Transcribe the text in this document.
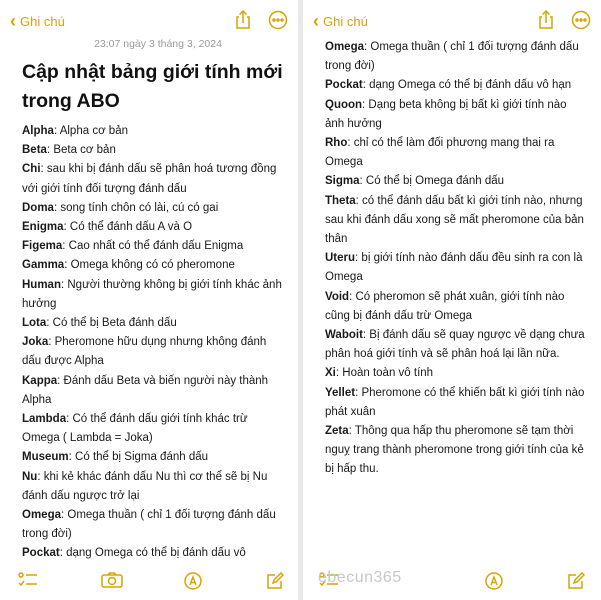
‹ Ghi chú
23:07 ngày 3 tháng 3, 2024
Cập nhật bảng giới tính mới trong ABO
Alpha: Alpha cơ bản
Beta: Beta cơ bản
Chi: sau khi bị đánh dấu sẽ phân hoá tương đồng với giới tính đối tượng đánh dấu
Doma: song tính chôn có lài, cú có gai
Enigma: Có thể đánh dấu A và O
Figema: Cao nhất có thể đánh dấu Enigma
Gamma: Omega không có có pheromone
Human: Người thường không bị giới tính khác ảnh hưởng
Lota: Có thể bị Beta đánh dấu
Joka: Pheromone hữu dụng nhưng không đánh dấu được Alpha
Kappa: Đánh dấu Beta và biến người này thành Alpha
Lambda: Có thể đánh dấu giới tính khác trừ Omega ( Lambda = Joka)
Museum: Có thể bị Sigma đánh dấu
Nu: khi kẻ khác đánh dấu Nu thì cơ thể sẽ bị Nu đánh dấu ngược trở lại
Omega: Omega thuần ( chỉ 1 đối tượng đánh dấu trong đời)
Pockat: dạng Omega có thể bị đánh dấu vô
‹ Ghi chú
Omega: Omega thuần ( chỉ 1 đối tượng đánh dấu trong đời)
Pockat: dạng Omega có thể bị đánh dấu vô hạn
Quoon: Dạng beta không bị bất kì giới tính nào ảnh hưởng
Rho: chỉ có thể làm đối phương mang thai ra Omega
Sigma: Có thể bị Omega đánh dấu
Theta: có thể đánh dấu bất kì giới tính nào, nhưng sau khi đánh dấu xong sẽ mất pheromone của bản thân
Uteru: bị giới tính nào đánh dấu đều sinh ra con là Omega
Void: Có pheromon sẽ phát xuân, giới tính nào cũng bị đánh dấu trừ Omega
Waboit: Bị đánh dấu sẽ quay ngược về dạng chưa phân hoá giới tính và sẽ phân hoá lại lần nữa.
Xi: Hoàn toàn vô tính
Yellet: Pheromone có thể khiến bất kì giới tính nào phát xuân
Zeta: Thông qua hấp thu pheromone sẽ tạm thời nguỵ trang thành pheromone trong giới tính của kẻ bị hấp thu.
ebecun365
